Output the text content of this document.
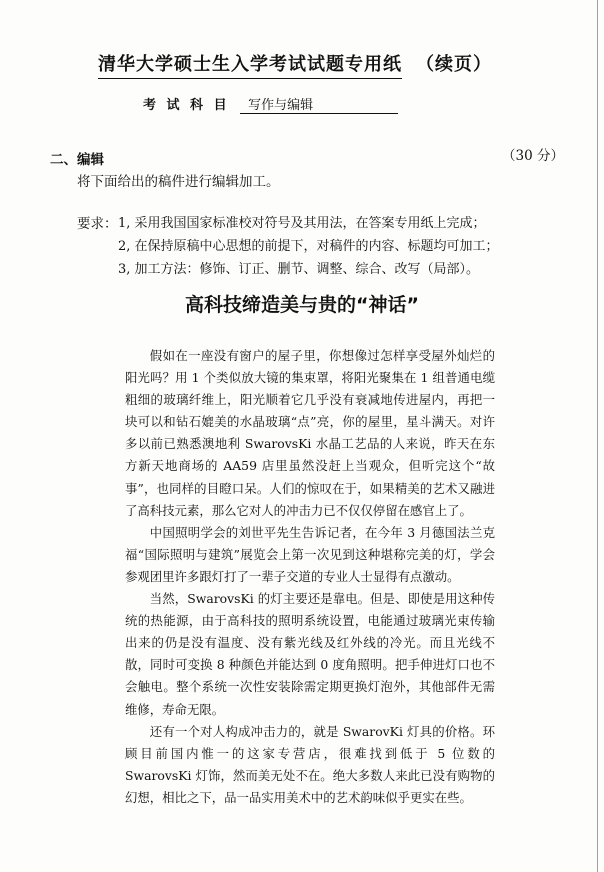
清华大学硕士生入学考试试题专用纸 （续页）
考 试 科 目 写作与编辑
二、编辑	（30 分）
将下面给出的稿件进行编辑加工。
要求： 1, 采用我国国家标准校对符号及其用法，在答案专用纸上完成；
2, 在保持原稿中心思想的前提下，对稿件的内容、标题均可加工；
3, 加工方法：修饰、订正、删节、调整、综合、改写（局部）。
高科技缔造美与贵的“神话”

假如在一座没有窗户的屋子里，你想像过怎样享受屋外灿烂的阳光吗？用 1 个类似放大镜的集束罩，将阳光聚集在 1 组普通电缆粗细的玻璃纤维上，阳光顺着它几乎没有衰减地传进屋内，再把一块可以和钻石媲美的水晶玻璃“点”亮，你的屋里，星斗满天。对许多以前已熟悉澳地利 SwarovsKi 水晶工艺品的人来说，昨天在东方新天地商场的 AA59 店里虽然没赶上当观众，但听完这个“故事”，也同样的目瞪口呆。人们的惊叹在于，如果精美的艺术又融进了高科技元素，那么它对人的冲击力已不仅仅停留在感官上了。

中国照明学会的刘世平先生告诉记者，在今年 3 月德国法兰克福“国际照明与建筑”展览会上第一次见到这种堪称完美的灯，学会参观团里许多跟灯打了一辈子交道的专业人士显得有点激动。

当然，SwarovsKi 的灯主要还是靠电。但是、即使是用这种传统的热能源，由于高科技的照明系统设置，电能通过玻璃光束传输出来的仍是没有温度、没有紫光线及红外线的冷光。而且光线不散，同时可变换 8 种颜色并能达到 0 度角照明。把手伸进灯口也不会触电。整个系统一次性安装除需定期更换灯泡外，其他部件无需维修，寿命无限。

还有一个对人构成冲击力的，就是 SwarovKi 灯具的价格。环顾目前国内惟一的这家专营店，很难找到低于 5 位数的 SwarovsKi 灯饰，然而美无处不在。绝大多数人来此已没有购物的幻想，相比之下，品一品实用美术中的艺术韵味似乎更实在些。
